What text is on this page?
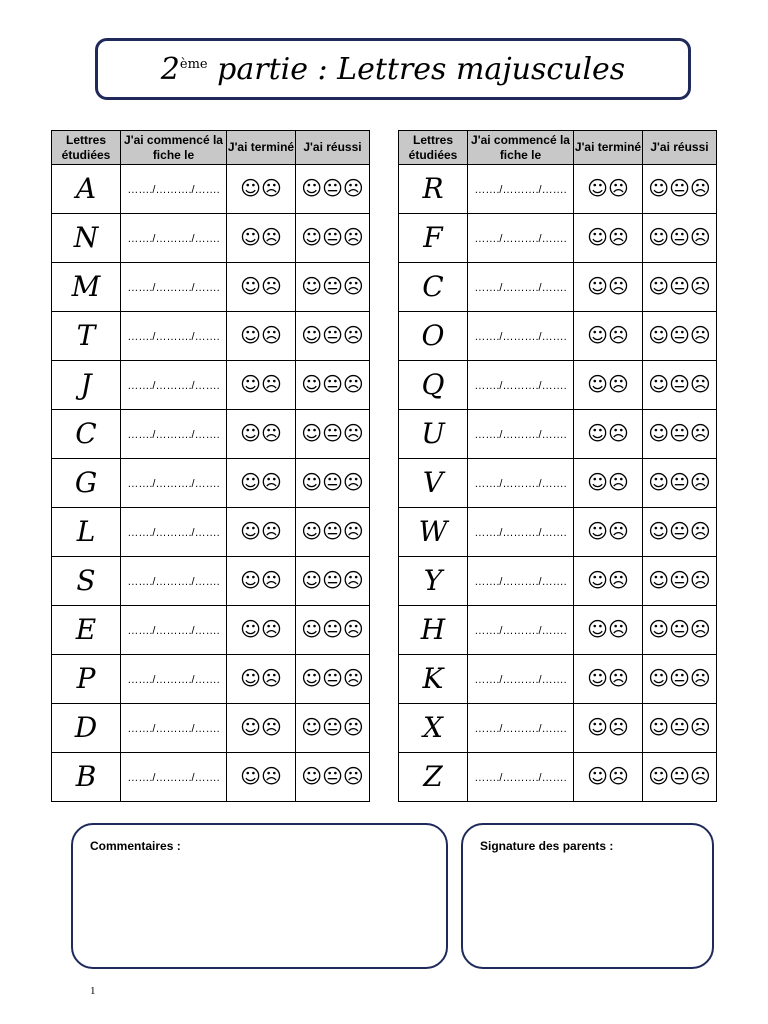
2ème partie : Lettres majuscules
Lettres étudiées	J'ai commencé la fiche le	J'ai terminé	J'ai réussi
A	……./………./…….	☺☹	☺😐☹
N	……./………./…….	☺☹	☺😐☹
M	……./………./…….	☺☹	☺😐☹
T	……./………./…….	☺☹	☺😐☹
J	……./………./…….	☺☹	☺😐☹
C	……./………./…….	☺☹	☺😐☹
G	……./………./…….	☺☹	☺😐☹
L	……./………./…….	☺☹	☺😐☹
S	……./………./…….	☺☹	☺😐☹
E	……./………./…….	☺☹	☺😐☹
P	……./………./…….	☺☹	☺😐☹
D	……./………./…….	☺☹	☺😐☹
B	……./………./…….	☺☹	☺😐☹
Lettres étudiées	J'ai commencé la fiche le	J'ai terminé	J'ai réussi
R	……./………./…….	☺☹	☺😐☹
F	……./………./…….	☺☹	☺😐☹
C	……./………./…….	☺☹	☺😐☹
O	……./………./…….	☺☹	☺😐☹
Q	……./………./…….	☺☹	☺😐☹
U	……./………./…….	☺☹	☺😐☹
V	……./………./…….	☺☹	☺😐☹
W	……./………./…….	☺☹	☺😐☹
Y	……./………./…….	☺☹	☺😐☹
H	……./………./…….	☺☹	☺😐☹
K	……./………./…….	☺☹	☺😐☹
X	……./………./…….	☺☹	☺😐☹
Z	……./………./…….	☺☹	☺😐☹
Commentaires :	Signature des parents :
1
